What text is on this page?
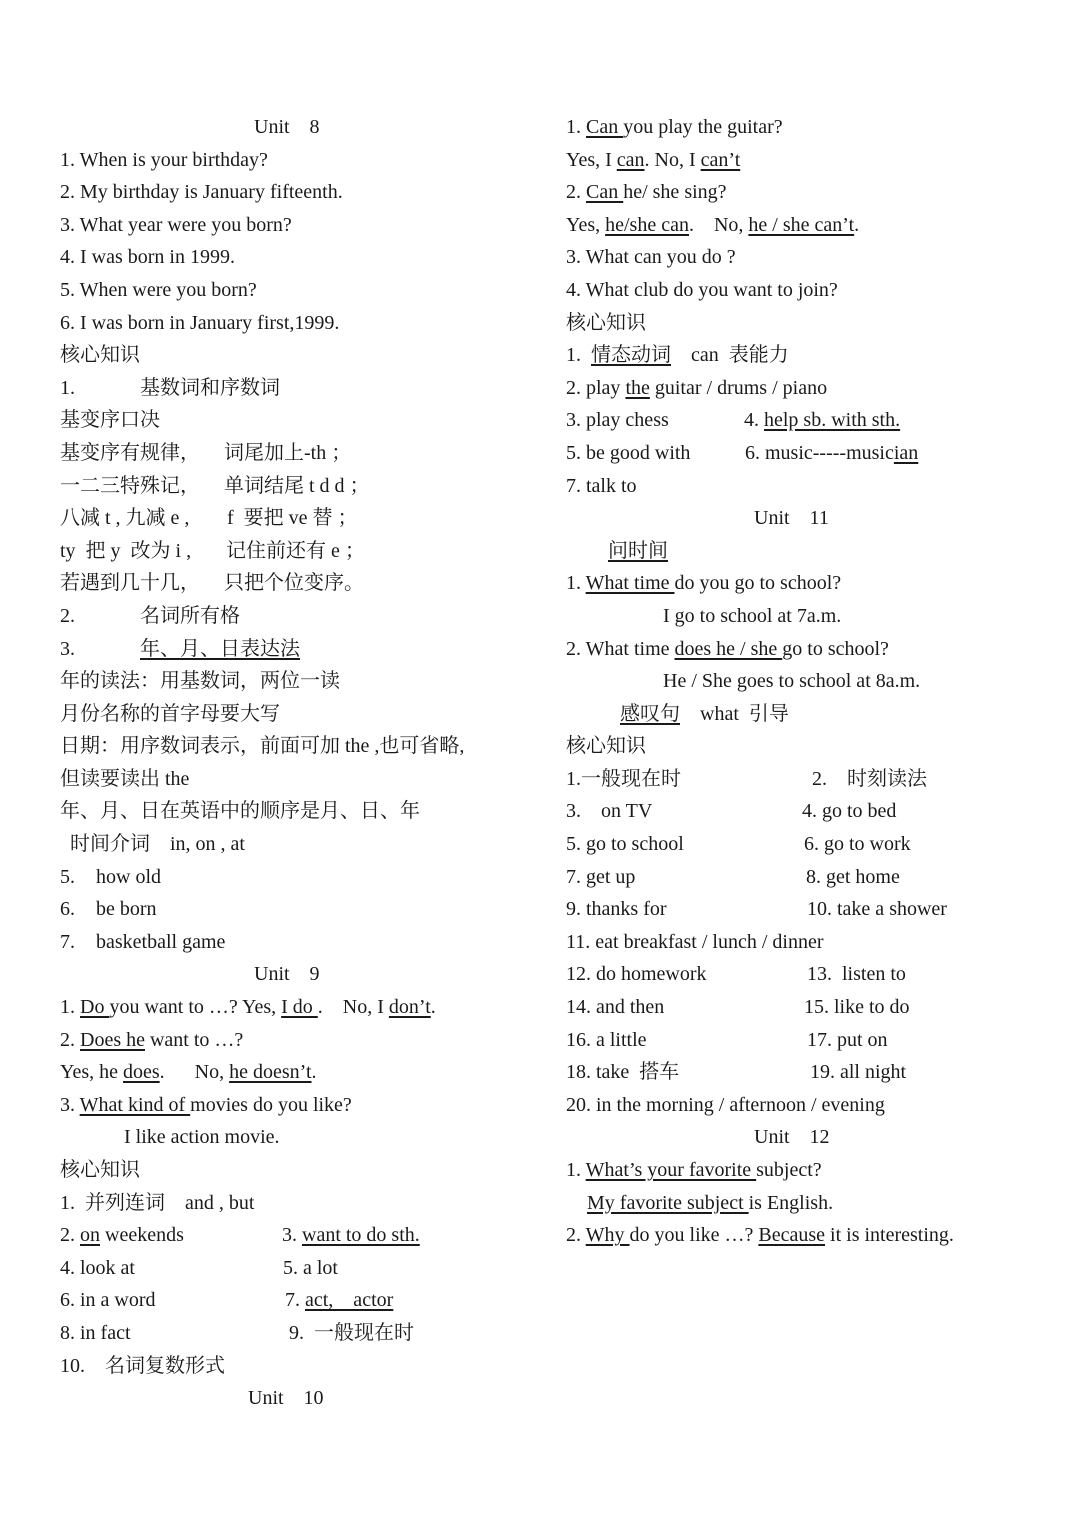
Unit    8
1. When is your birthday?
2. My birthday is January fifteenth.
3. What year were you born?
4. I was born in 1999.
5. When were you born?
6. I was born in January first,1999.
核心知识
1.	基数词和序数词
基变序口决
基变序有规律， 词尾加上-th ；
一二三特殊记， 单词结尾 t d d ；
八减 t , 九减 e , f  要把 ve 替 ；
ty  把 y  改为 i , 记住前还有 e ；
若遇到几十几， 只把个位变序。
2.	名词所有格
3.	年、月、日表达法
年的读法：用基数词，两位一读
月份名称的首字母要大写
日期：用序数词表示，前面可加 the ,也可省略,
但读要读出 the
年、月、日在英语中的顺序是月、日、年
时间介词    in, on , at
5. how old
6. be born
7. basketball game
Unit    9
1. Do you want to …? Yes, I do .    No, I don’t.
2. Does he want to …?
Yes, he does.      No, he doesn’t.
3. What kind of movies do you like?
I like action movie.
核心知识
1.  并列连词    and , but
2. on weekends	3. want to do sth.
4. look at	5. a lot
6. in a word	7. act,    actor
8. in fact	9.  一般现在时
10.    名词复数形式
Unit    10
1. Can you play the guitar?
Yes, I can. No, I can’t
2. Can he/ she sing?
Yes, he/she can.    No, he / she can’t.
3. What can you do ?
4. What club do you want to join?
核心知识
1.  情态动词    can  表能力
2. play the guitar / drums / piano
3. play chess	4. help sb. with sth.
5. be good with	6. music-----musician
7. talk to
Unit    11
问时间
1. What time do you go to school?
I go to school at 7a.m.
2. What time does he / she go to school?
He / She goes to school at 8a.m.
感叹句    what  引导
核心知识
1.一般现在时	2.    时刻读法
3.    on TV	4. go to bed
5. go to school	6. go to work
7. get up	8. get home
9. thanks for	10. take a shower
11. eat breakfast / lunch / dinner
12. do homework	13.  listen to
14. and then	15. like to do
16. a little	17. put on
18. take  搭车	19. all night
20. in the morning / afternoon / evening
Unit    12
1. What’s your favorite subject?
My favorite subject is English.
2. Why do you like …? Because it is interesting.
